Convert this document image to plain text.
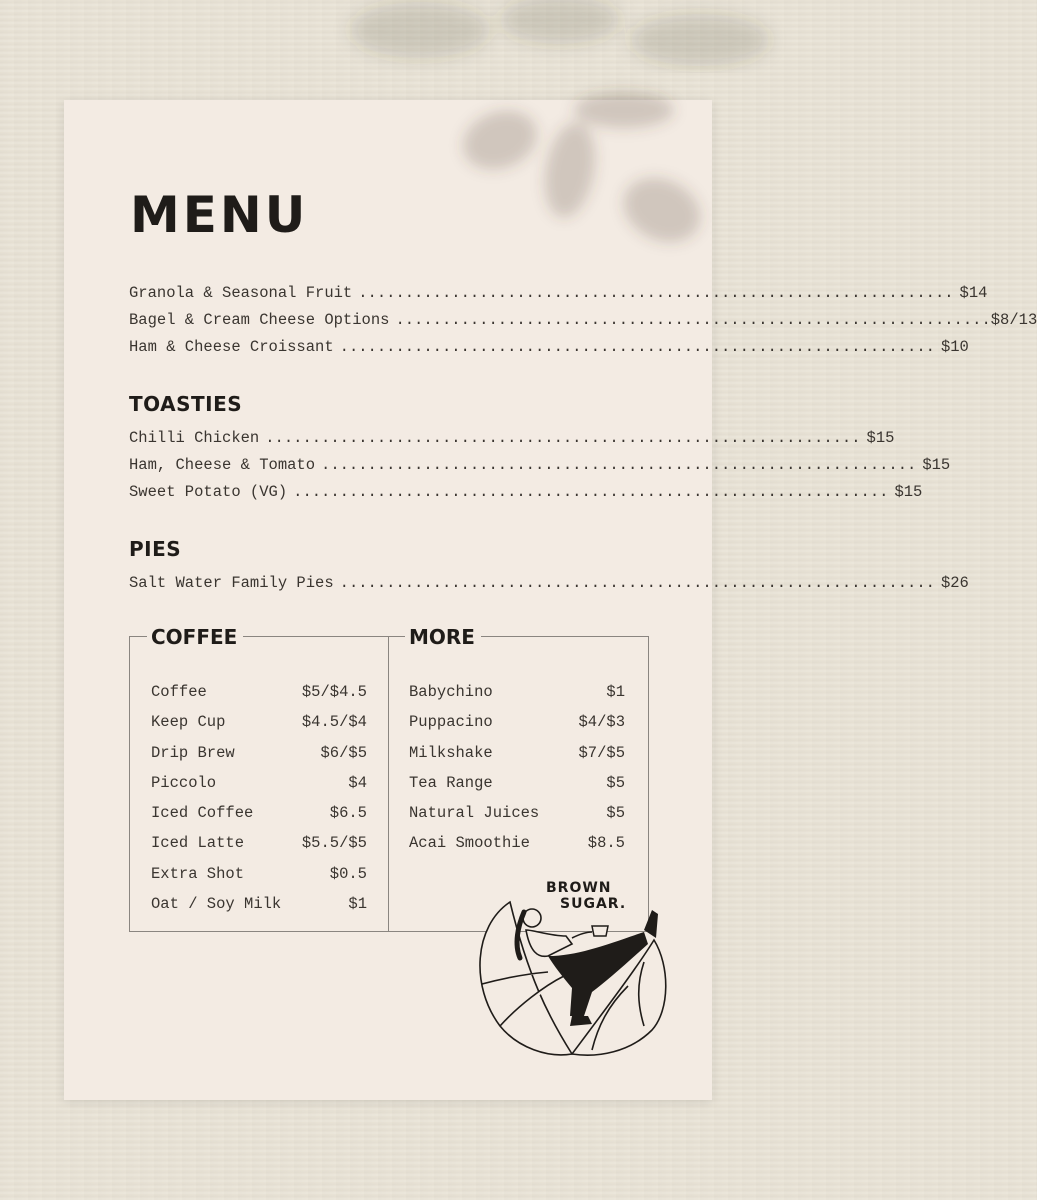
MENU
Granola & Seasonal Fruit ................................................................ $14
Bagel & Cream Cheese Options ................................................................ $8/13
Ham & Cheese Croissant ................................................................ $10
TOASTIES
Chilli Chicken ................................................................ $15
Ham, Cheese & Tomato ................................................................ $15
Sweet Potato (VG) ................................................................ $15
PIES
Salt Water Family Pies ................................................................ $26
COFFEE	MORE
Coffee	$5/$4.5
Keep Cup	$4.5/$4
Drip Brew	$6/$5
Piccolo	$4
Iced Coffee	$6.5
Iced Latte	$5.5/$5
Extra Shot	$0.5
Oat / Soy Milk	$1
Babychino	$1
Puppacino	$4/$3
Milkshake	$7/$5
Tea Range	$5
Natural Juices	$5
Acai Smoothie	$8.5
BROWN
SUGAR.
